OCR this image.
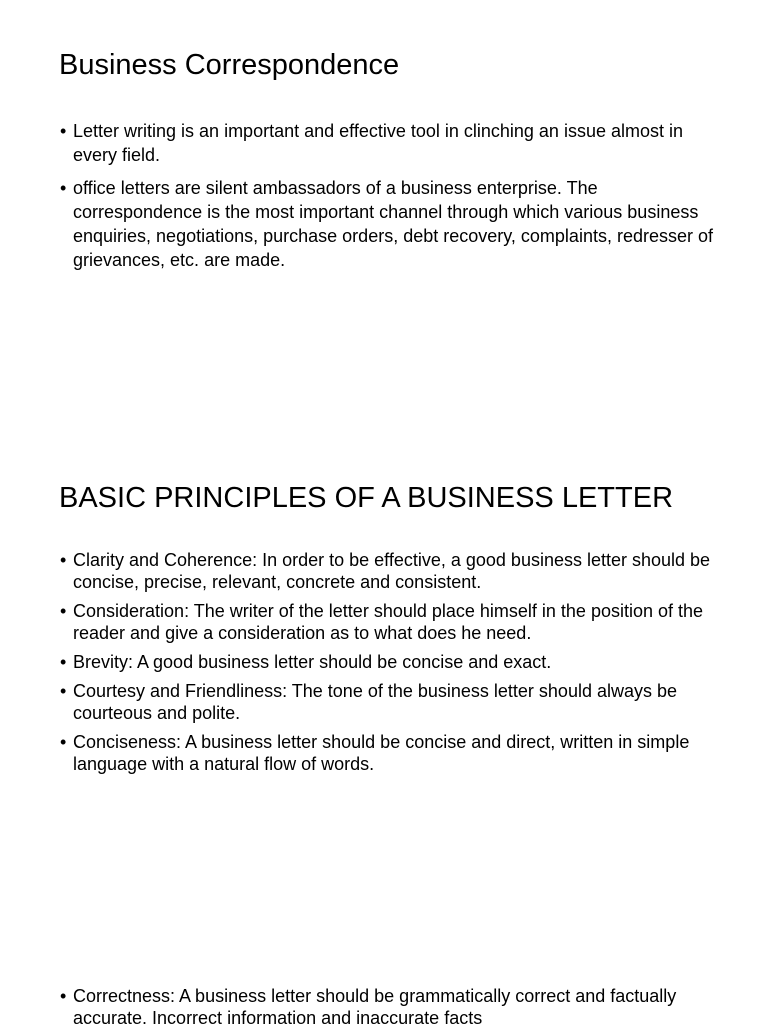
Business Correspondence
• Letter writing is an important and effective tool in clinching an issue almost in every field.
• office letters are silent ambassadors of a business enterprise. The correspondence is the most important channel through which various business enquiries, negotiations, purchase orders, debt recovery, complaints, redresser of grievances, etc. are made.
BASIC PRINCIPLES OF A BUSINESS LETTER
• Clarity and Coherence: In order to be effective, a good business letter should be concise, precise, relevant, concrete and consistent.
• Consideration: The writer of the letter should place himself in the position of the reader and give a consideration as to what does he need.
• Brevity: A good business letter should be concise and exact.
• Courtesy and Friendliness: The tone of the business letter should always be courteous and polite.
• Conciseness: A business letter should be concise and direct, written in simple language with a natural flow of words.
• Correctness: A business letter should be grammatically correct and factually accurate. Incorrect information and inaccurate facts
